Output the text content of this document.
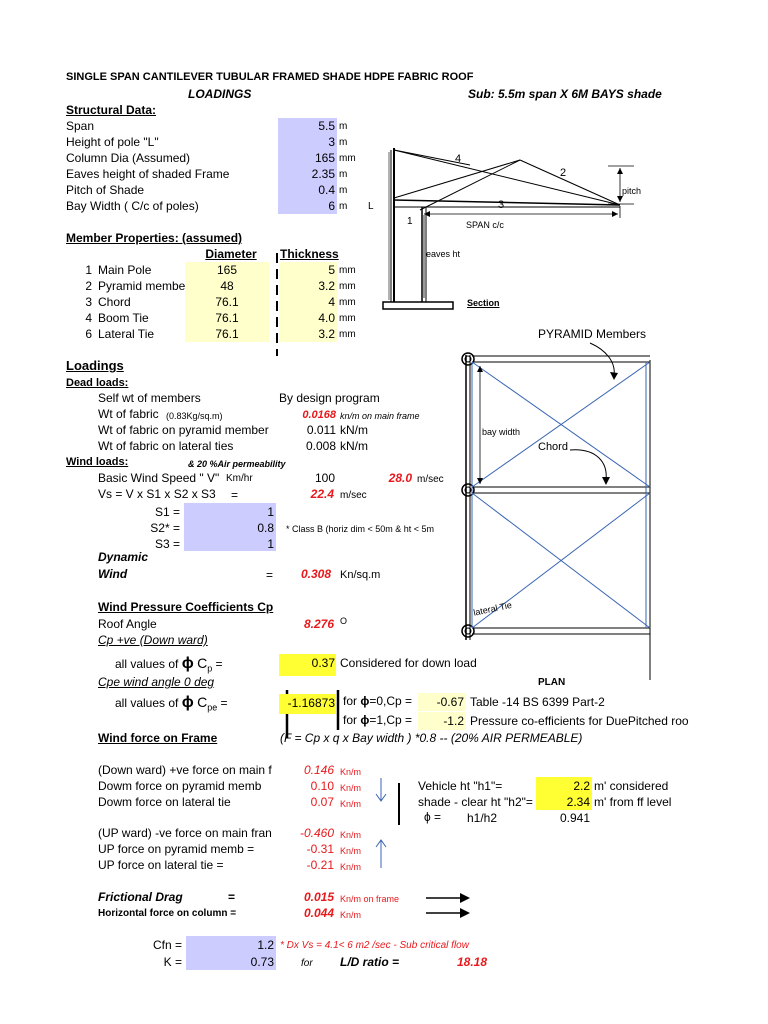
SINGLE SPAN CANTILEVER TUBULAR FRAMED SHADE HDPE FABRIC ROOF
LOADINGS	Sub: 5.5m span X 6M BAYS shade
Structural Data:
Span	5.5 m
Height of pole "L"	3 m
Column Dia (Assumed)	165 mm
Eaves height of shaded Frame	2.35 m
Pitch of Shade	0.4 m
Bay Width ( C/c of poles)	6 m L
1
2
3
4
pitch
SPAN c/c
eaves ht
Section
Member Properties: (assumed)
Diameter	Thickness
1 Main Pole	165	5 mm
2 Pyramid membe	48	3.2 mm
3 Chord	76.1	4 mm
4 Boom Tie	76.1	4.0 mm
6 Lateral Tie	76.1	3.2 mm	PYRAMID Members
bay width
Chord
lateral Tie
PLAN
Loadings
Dead loads:
Self wt of members	By design program
Wt of fabric (0.83Kg/sq.m)	0.0168 kn/m on main frame
Wt of fabric on pyramid member	0.011 kN/m
Wt of fabric on lateral ties	0.008 kN/m
Wind loads:	& 20 %Air permeability
Basic Wind Speed " V" Km/hr	100	28.0 m/sec
Vs = V x S1 x S2 x S3 =	22.4 m/sec
S1 =	1
S2* =	0.8 * Class B (horiz dim < 50m & ht < 5m
S3 =	1
Dynamic
Wind	= 0.308 Kn/sq.m
Wind Pressure Coefficients Cp
Roof Angle	8.276 O
Cp +ve (Down ward)
all values of ϕ $C_p$ =	0.37 Considered for down load
Cpe wind angle 0 deg
all values of ϕ $C_{pe}$ =	-1.16873 for ϕ=0,Cp =	-0.67 Table -14 BS 6399 Part-2
for ϕ=1,Cp =	-1.2 Pressure co-efficients for DuePitched roo
Wind force on Frame	(F = Cp x q x Bay width ) *0.8 -- (20% AIR PERMEABLE)
(Down ward) +ve force on main f	0.146 Kn/m
Dowm force on pyramid memb	0.10 Kn/m
Dowm force on lateral tie	0.07 Kn/m
Vehicle ht "h1"=	2.2 m' considered
shade - clear ht "h2"=	2.34 m' from ff level
ϕ = h1/h2	0.941
(UP ward) -ve force on main fran	-0.460 Kn/m
UP force on pyramid memb =	-0.31 Kn/m
UP force on lateral tie =	-0.21 Kn/m
Frictional Drag	=	0.015 Kn/m on frame
Horizontal force on column =	0.044 Kn/m
Cfn =	1.2 * Dx Vs = 4.1< 6 m2 /sec - Sub critical flow
K =	0.73	for L/D ratio =	18.18
